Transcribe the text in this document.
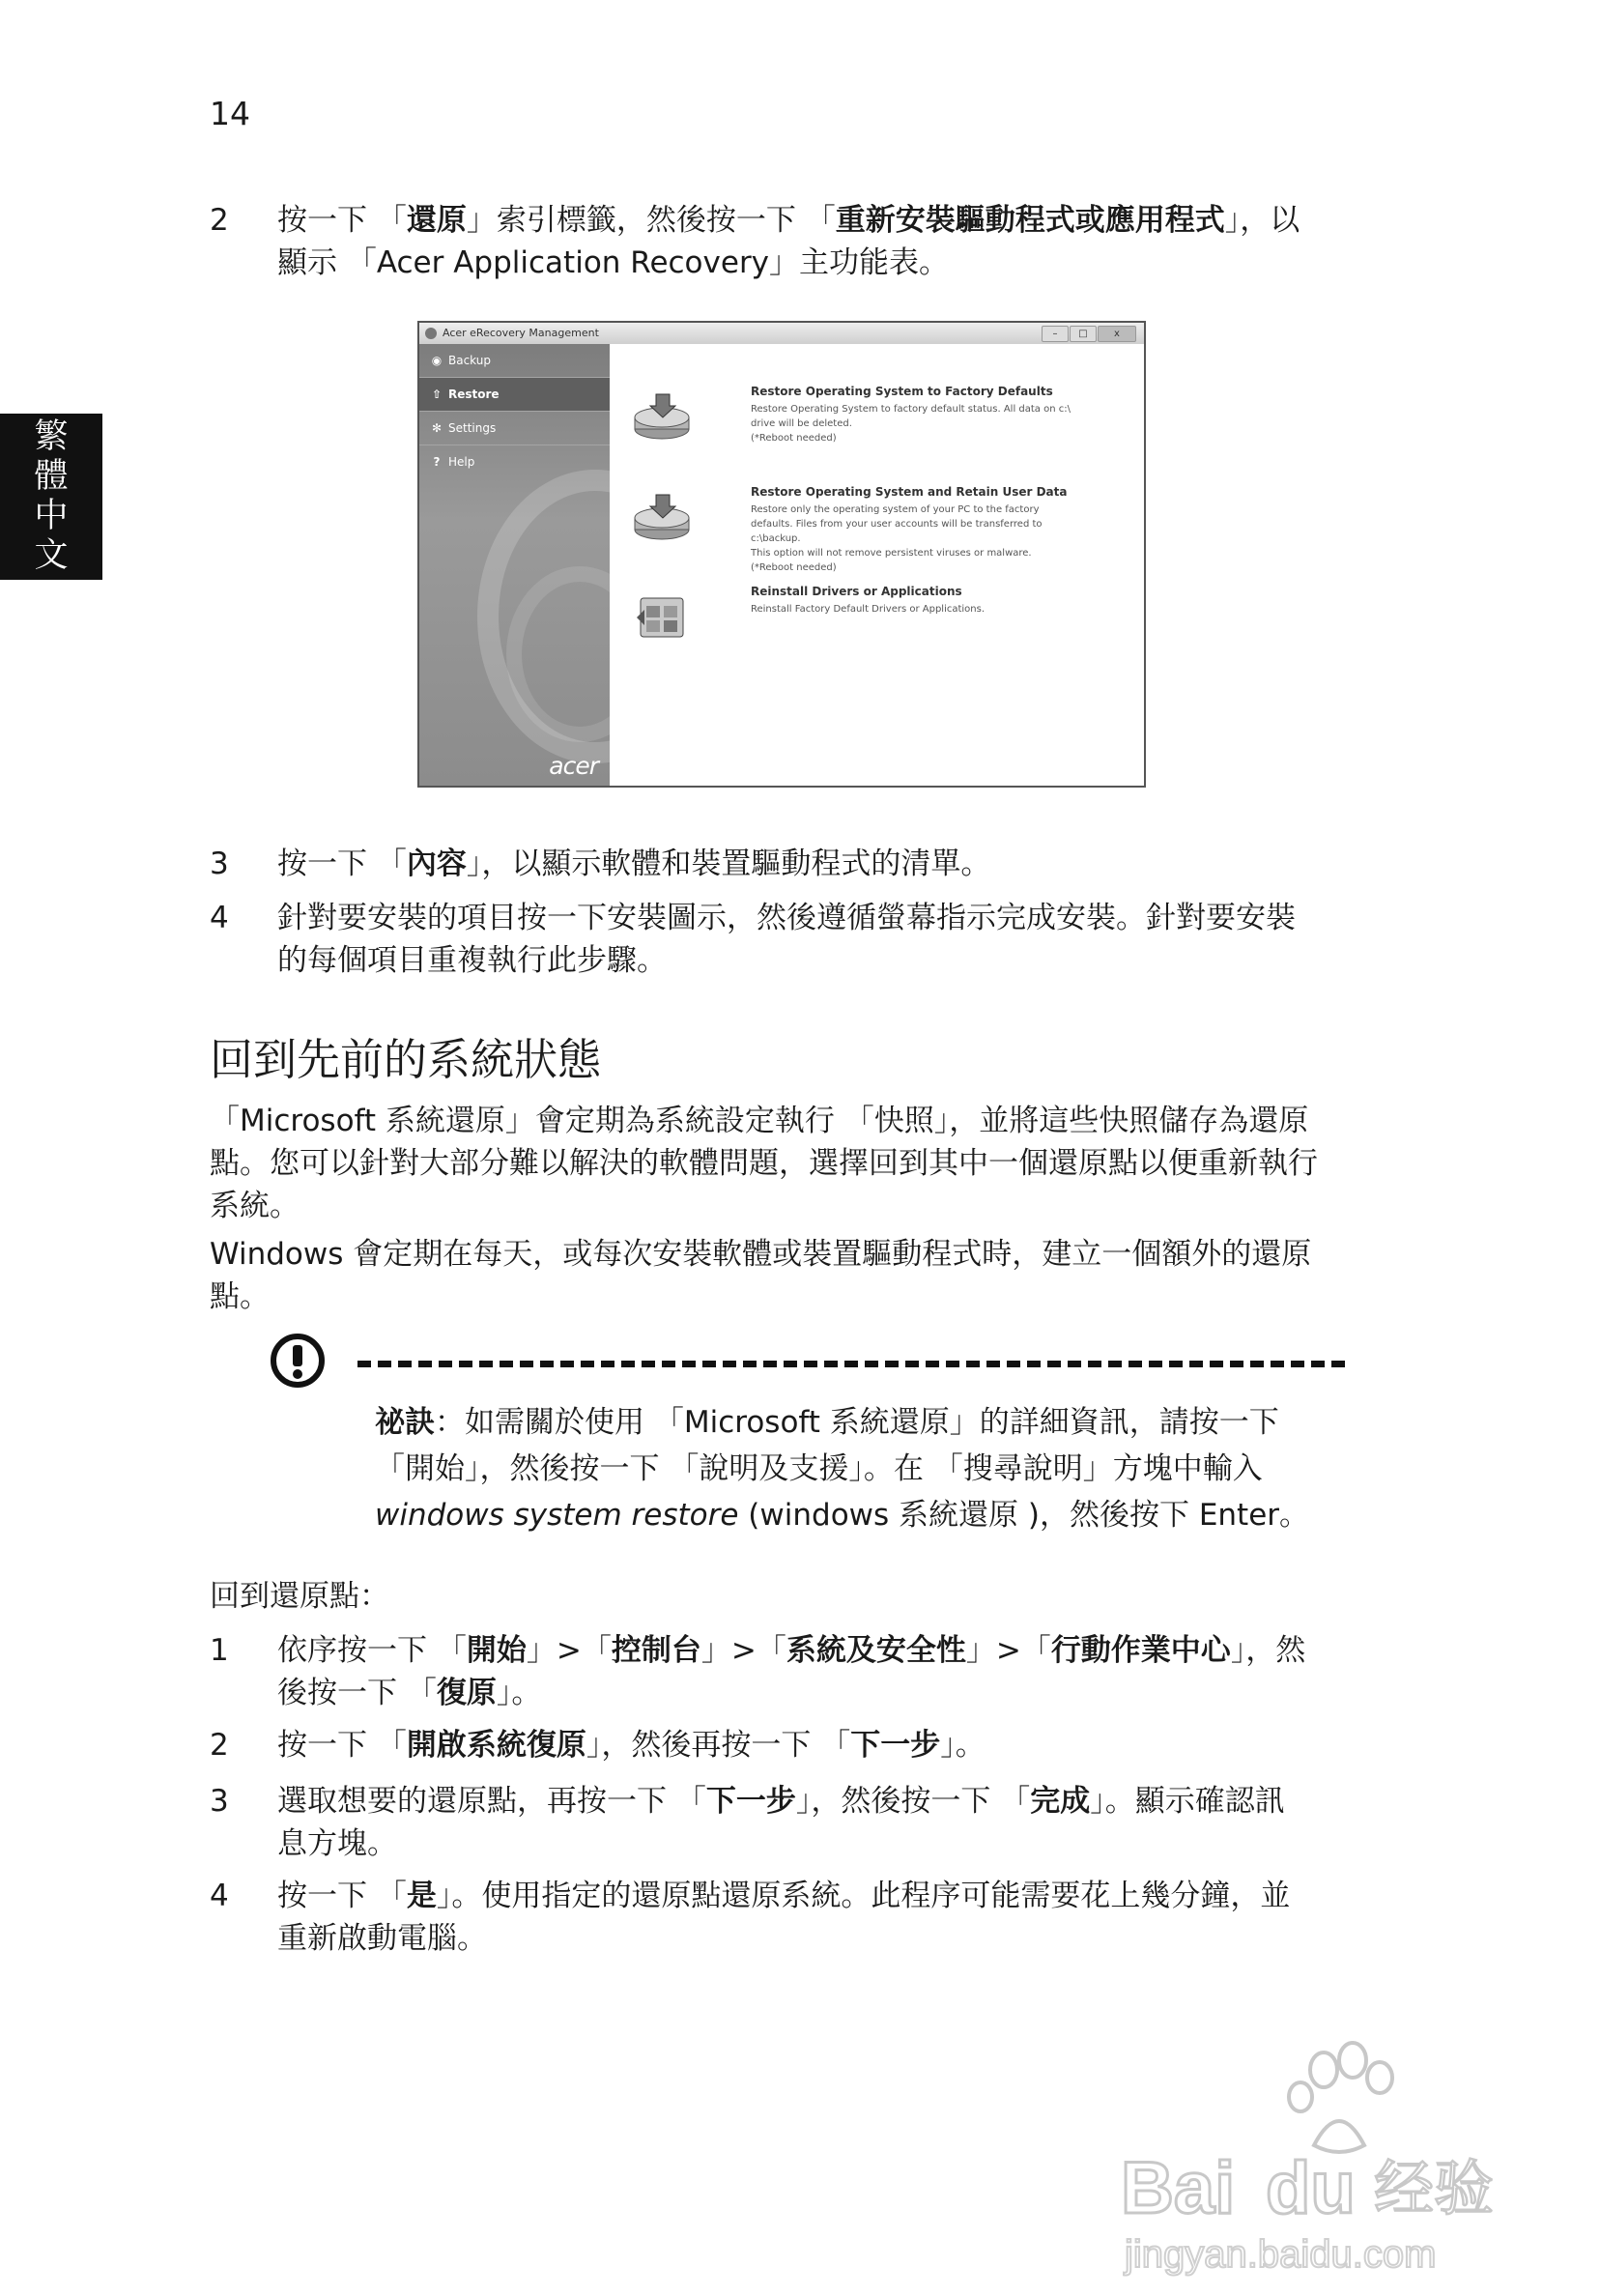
14
繁
體
中
文
2 按一下 「還原」索引標籤，然後按一下 「重新安裝驅動程式或應用程式」，以
顯示 「Acer Application Recovery」主功能表。
Acer eRecovery Management	–	□	x
◉ Backup
⇧ Restore
✻ Settings
? Help
acer
Restore Operating System to Factory Defaults
Restore Operating System to factory default status. All data on c:\
drive will be deleted.
(*Reboot needed)
Restore Operating System and Retain User Data
Restore only the operating system of your PC to the factory
defaults. Files from your user accounts will be transferred to
c:\backup.
This option will not remove persistent viruses or malware.
(*Reboot needed)
Reinstall Drivers or Applications
Reinstall Factory Default Drivers or Applications.
3 按一下 「內容」，以顯示軟體和裝置驅動程式的清單。
4 針對要安裝的項目按一下安裝圖示，然後遵循螢幕指示完成安裝。針對要安裝
的每個項目重複執行此步驟。
回到先前的系統狀態
「Microsoft 系統還原」會定期為系統設定執行 「快照」，並將這些快照儲存為還原
點。您可以針對大部分難以解決的軟體問題，選擇回到其中一個還原點以便重新執行
系統。
Windows 會定期在每天，或每次安裝軟體或裝置驅動程式時，建立一個額外的還原
點。
祕訣：如需關於使用 「Microsoft 系統還原」的詳細資訊，請按一下
「開始」，然後按一下 「說明及支援」。在 「搜尋說明」方塊中輸入
windows system restore (windows 系統還原 )，然後按下 Enter。
回到還原點：
1 依序按一下 「開始」>「控制台」>「系統及安全性」>「行動作業中心」，然
後按一下 「復原」。
2 按一下 「開啟系統復原」，然後再按一下 「下一步」。
3 選取想要的還原點，再按一下 「下一步」，然後按一下 「完成」。顯示確認訊
息方塊。
4 按一下 「是」。使用指定的還原點還原系統。此程序可能需要花上幾分鐘，並
重新啟動電腦。
Bai du 经验
jingyan.baidu.com
